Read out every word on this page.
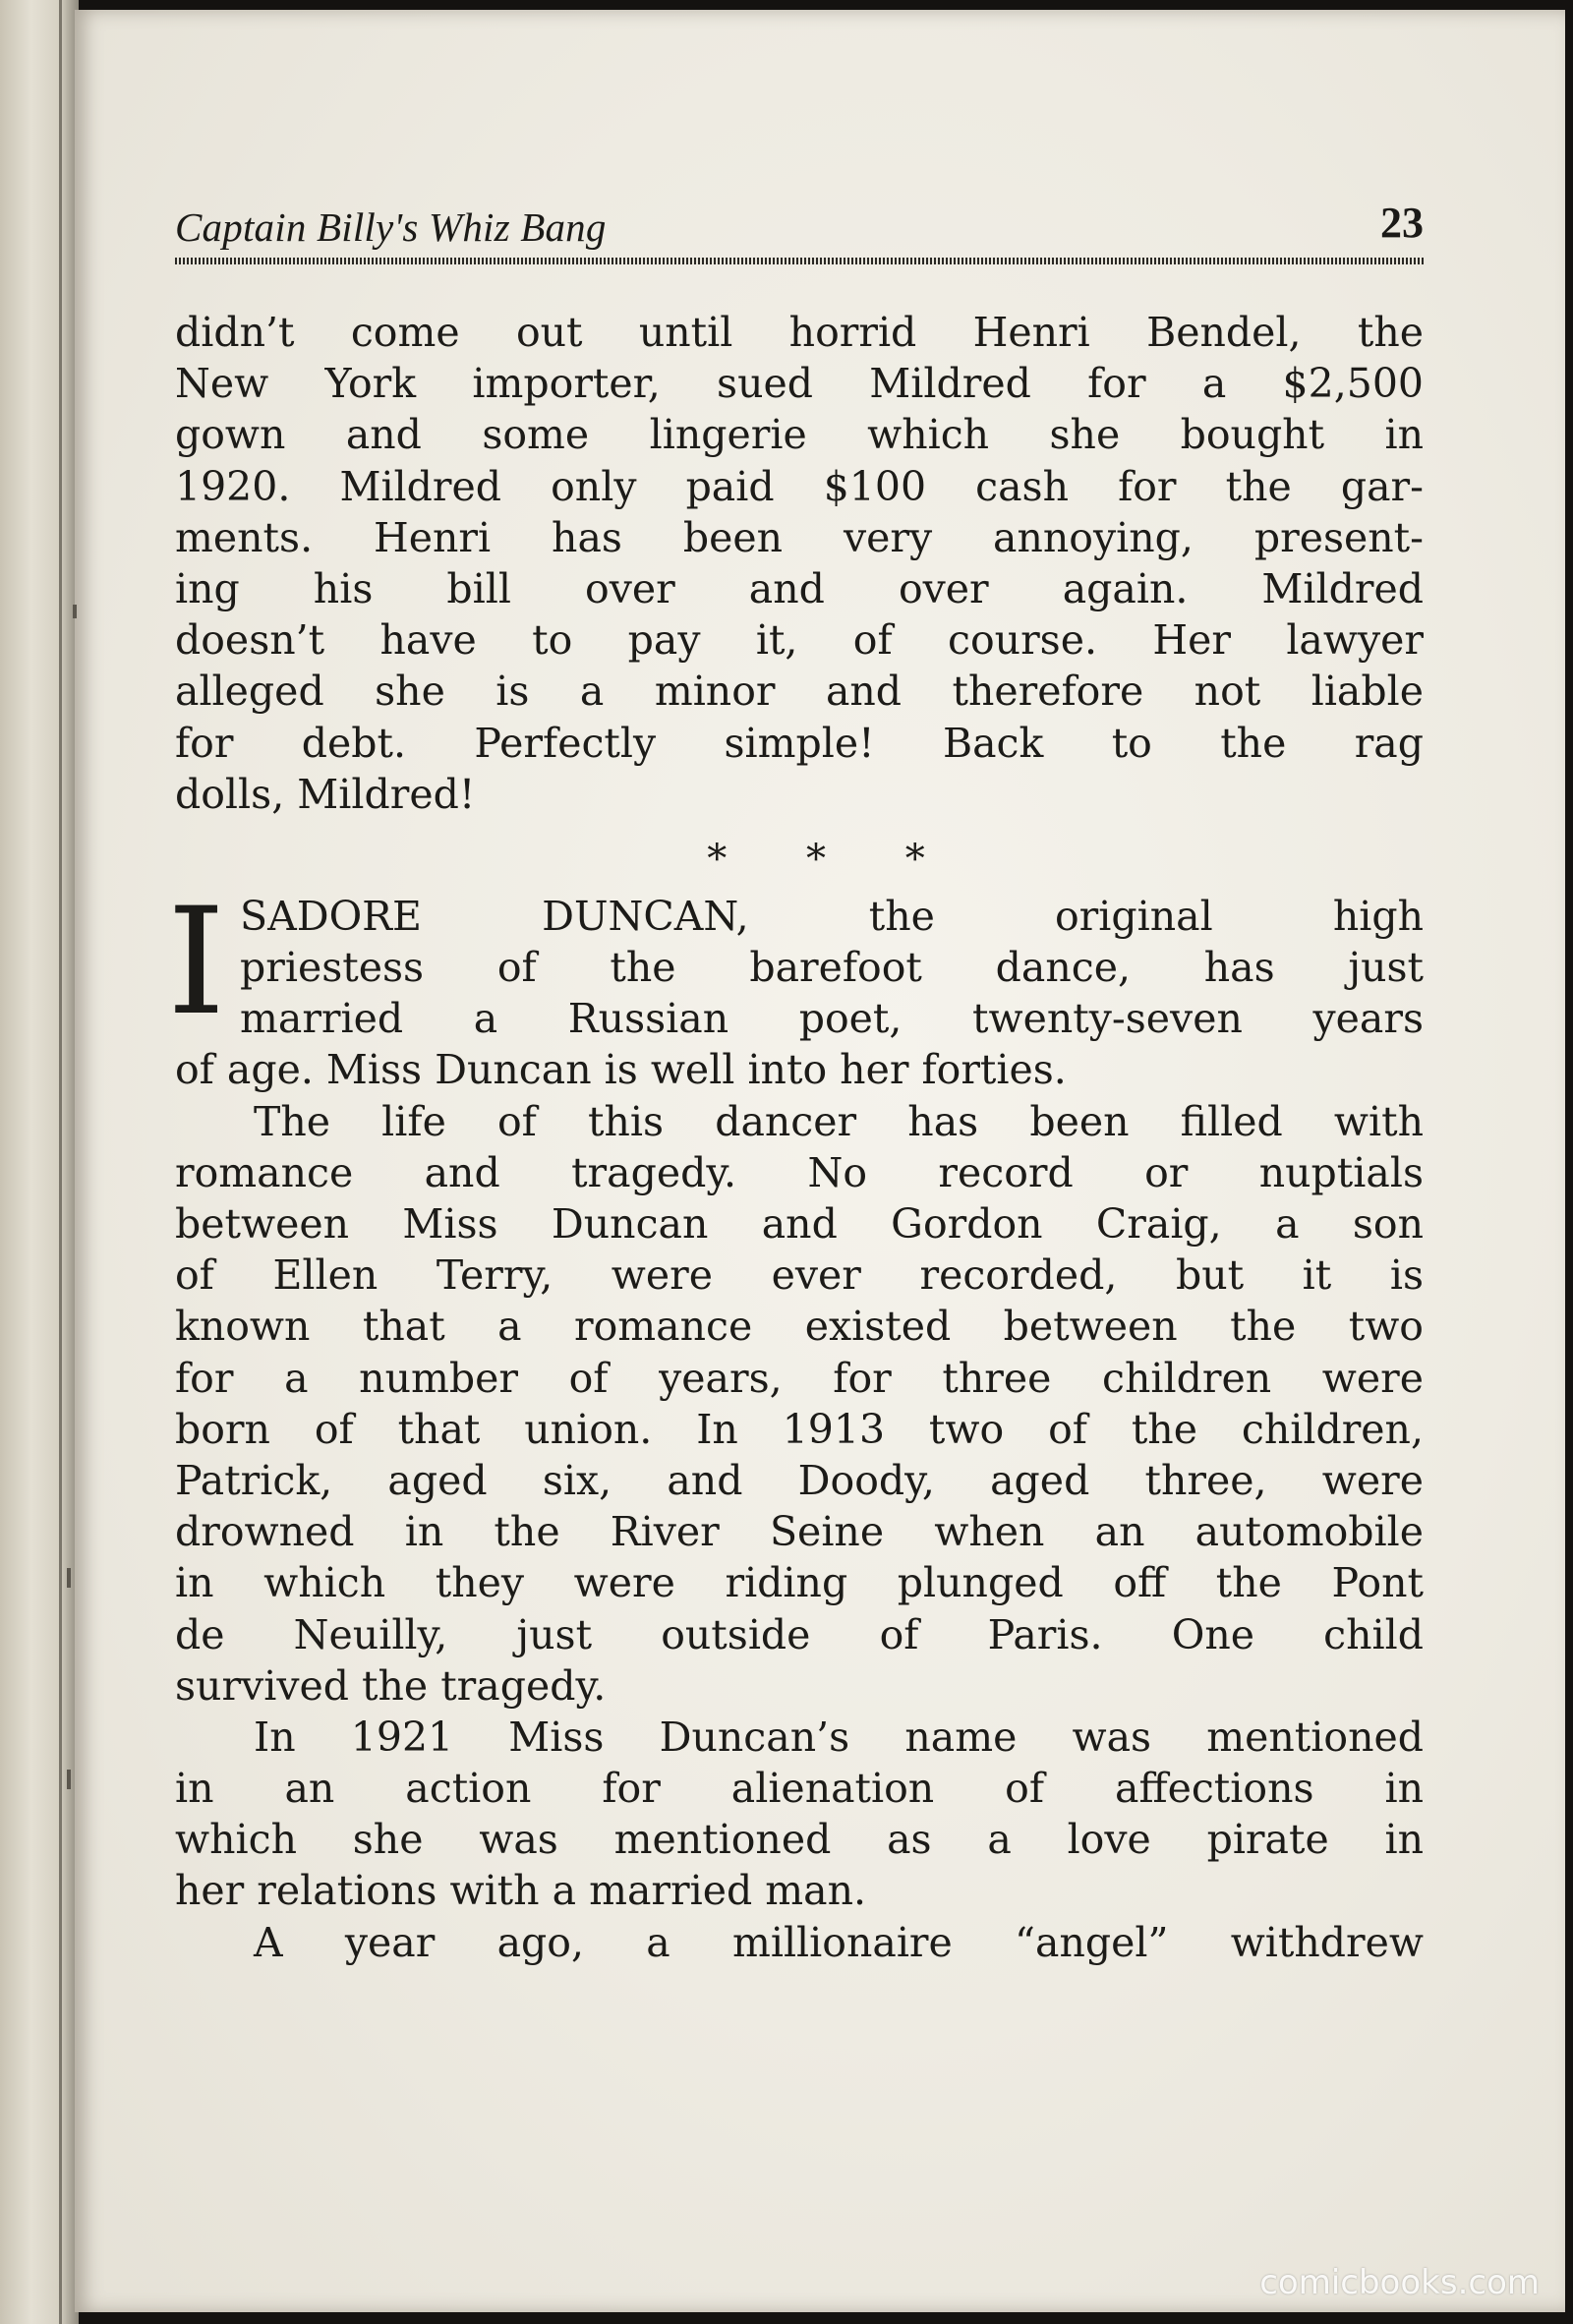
Captain Billy's Whiz Bang	23
didn’t come out until horrid Henri Bendel, the
New York importer, sued Mildred for a $2,500
gown and some lingerie which she bought in
1920. Mildred only paid $100 cash for the gar-
ments. Henri has been very annoying, present-
ing his bill over and over again. Mildred
doesn’t have to pay it, of course. Her lawyer
alleged she is a minor and therefore not liable
for debt. Perfectly simple! Back to the rag
dolls, Mildred!
* * *
I SADORE DUNCAN, the original high
priestess of the barefoot dance, has just
married a Russian poet, twenty-seven years
of age. Miss Duncan is well into her forties.
The life of this dancer has been filled with
romance and tragedy. No record or nuptials
between Miss Duncan and Gordon Craig, a son
of Ellen Terry, were ever recorded, but it is
known that a romance existed between the two
for a number of years, for three children were
born of that union. In 1913 two of the children,
Patrick, aged six, and Doody, aged three, were
drowned in the River Seine when an automobile
in which they were riding plunged off the Pont
de Neuilly, just outside of Paris. One child
survived the tragedy.
In 1921 Miss Duncan’s name was mentioned
in an action for alienation of affections in
which she was mentioned as a love pirate in
her relations with a married man.
A year ago, a millionaire “angel” withdrew
comicbooks.com
